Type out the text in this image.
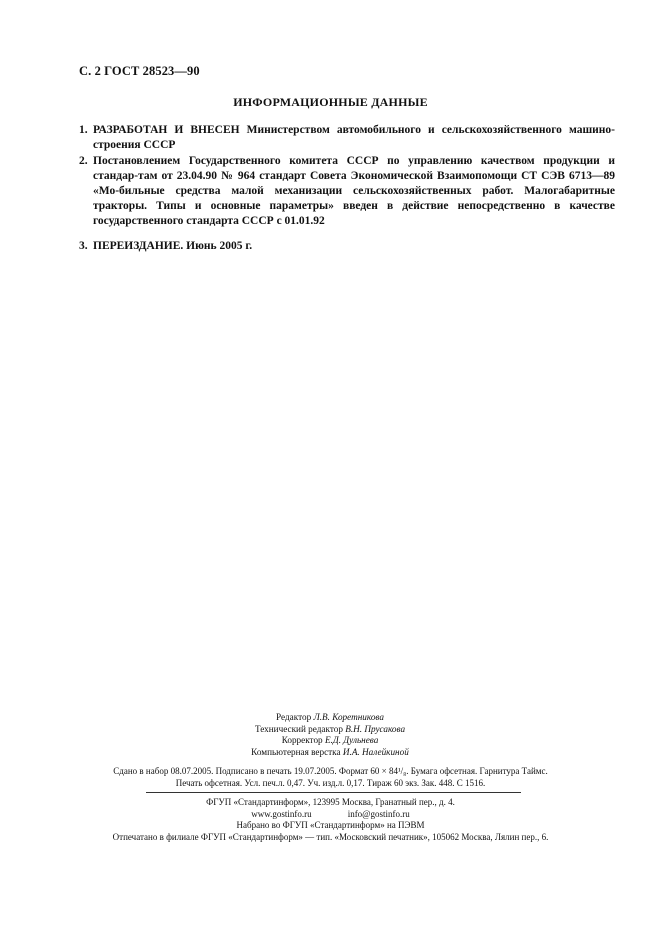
С. 2 ГОСТ 28523—90
ИНФОРМАЦИОННЫЕ ДАННЫЕ
1. РАЗРАБОТАН И ВНЕСЕН Министерством автомобильного и сельскохозяйственного машино-строения СССР
2. Постановлением Государственного комитета СССР по управлению качеством продукции и стандар-там от 23.04.90 № 964 стандарт Совета Экономической Взаимопомощи СТ СЭВ 6713—89 «Мо-бильные средства малой механизации сельскохозяйственных работ. Малогабаритные тракторы. Типы и основные параметры» введен в действие непосредственно в качестве государственного стандарта СССР с 01.01.92
3. ПЕРЕИЗДАНИЕ. Июнь 2005 г.
Редактор Л.В. Коретникова
Технический редактор В.Н. Прусакова
Корректор Е.Д. Дульнева
Компьютерная верстка И.А. Налейкиной
Сдано в набор 08.07.2005. Подписано в печать 19.07.2005. Формат 60 × 84¹/₈. Бумага офсетная. Гарнитура Таймс.
Печать офсетная. Усл. печ.л. 0,47. Уч. изд.л. 0,17. Тираж 60 экз. Зак. 448. С 1516.
ФГУП «Стандартинформ», 123995 Москва, Гранатный пер., д. 4.
www.gostinfo.ru	info@gostinfo.ru
Набрано во ФГУП «Стандартинформ» на ПЭВМ
Отпечатано в филиале ФГУП «Стандартинформ» — тип. «Московский печатник», 105062 Москва, Лялин пер., 6.
